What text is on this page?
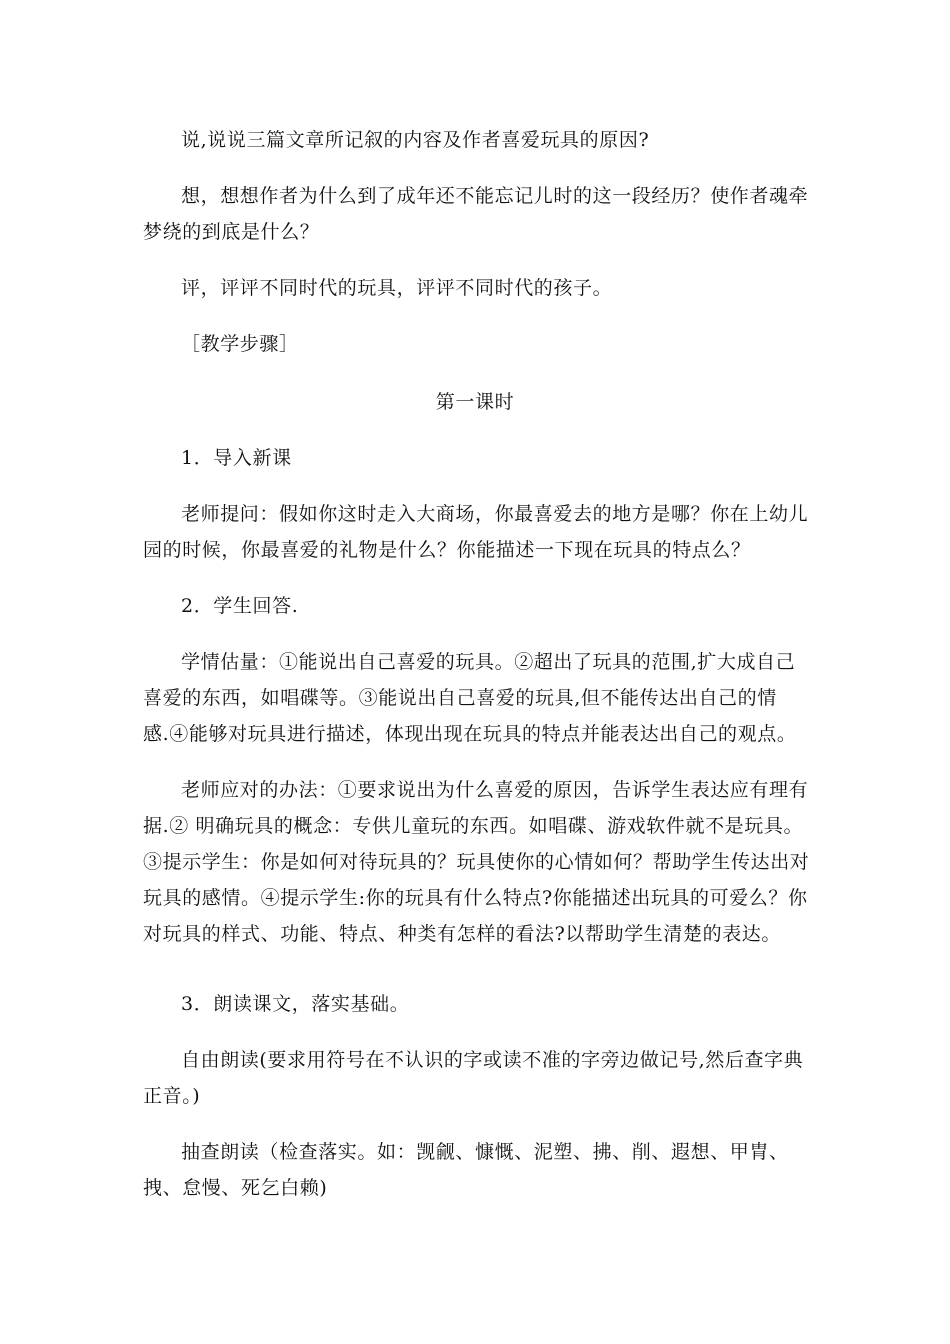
说,说说三篇文章所记叙的内容及作者喜爱玩具的原因?

想，想想作者为什么到了成年还不能忘记儿时的这一段经历？使作者魂牵梦绕的到底是什么？

评，评评不同时代的玩具，评评不同时代的孩子。

［教学步骤］

第一课时

1．导入新课

老师提问：假如你这时走入大商场，你最喜爱去的地方是哪？你在上幼儿园的时候，你最喜爱的礼物是什么？你能描述一下现在玩具的特点么？

2．学生回答.

学情估量：①能说出自己喜爱的玩具。②超出了玩具的范围,扩大成自己喜爱的东西，如唱碟等。③能说出自己喜爱的玩具,但不能传达出自己的情感.④能够对玩具进行描述，体现出现在玩具的特点并能表达出自己的观点。

老师应对的办法：①要求说出为什么喜爱的原因，告诉学生表达应有理有据.② 明确玩具的概念：专供儿童玩的东西。如唱碟、游戏软件就不是玩具。③提示学生：你是如何对待玩具的？玩具使你的心情如何？帮助学生传达出对玩具的感情。④提示学生:你的玩具有什么特点?你能描述出玩具的可爱么？你对玩具的样式、功能、特点、种类有怎样的看法?以帮助学生清楚的表达。

3．朗读课文，落实基础。

自由朗读(要求用符号在不认识的字或读不准的字旁边做记号,然后查字典正音。)

抽查朗读（检查落实。如：觊觎、慷慨、泥塑、拂、削、遐想、甲胄、拽、怠慢、死乞白赖)
